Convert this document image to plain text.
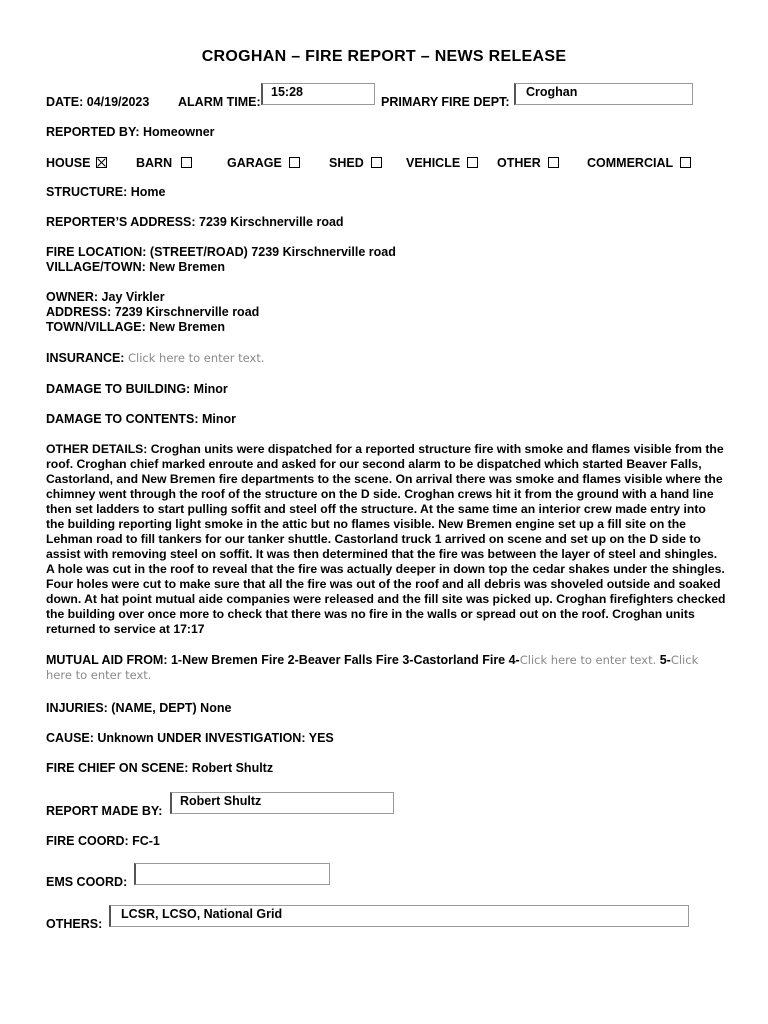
CROGHAN – FIRE REPORT – NEWS RELEASE
DATE: 04/19/2023 ALARM TIME:
15:28
PRIMARY FIRE DEPT:
Croghan
REPORTED BY: Homeowner
HOUSE	BARN	GARAGE	SHED	VEHICLE	OTHER	COMMERCIAL
STRUCTURE: Home
REPORTER’S ADDRESS: 7239 Kirschnerville road
FIRE LOCATION: (STREET/ROAD) 7239 Kirschnerville road
VILLAGE/TOWN: New Bremen
OWNER: Jay Virkler
ADDRESS: 7239 Kirschnerville road
TOWN/VILLAGE: New Bremen
INSURANCE: Click here to enter text.
DAMAGE TO BUILDING: Minor
DAMAGE TO CONTENTS: Minor
OTHER DETAILS: Croghan units were dispatched for a reported structure fire with smoke and flames visible from the roof. Croghan chief marked enroute and asked for our second alarm to be dispatched which started Beaver Falls, Castorland, and New Bremen fire departments to the scene. On arrival there was smoke and flames visible where the chimney went through the roof of the structure on the D side. Croghan crews hit it from the ground with a hand line then set ladders to start pulling soffit and steel off the structure. At the same time an interior crew made entry into the building reporting light smoke in the attic but no flames visible. New Bremen engine set up a fill site on the Lehman road to fill tankers for our tanker shuttle. Castorland truck 1 arrived on scene and set up on the D side to assist with removing steel on soffit. It was then determined that the fire was between the layer of steel and shingles. A hole was cut in the roof to reveal that the fire was actually deeper in down top the cedar shakes under the shingles. Four holes were cut to make sure that all the fire was out of the roof and all debris was shoveled outside and soaked down. At hat point mutual aide companies were released and the fill site was picked up. Croghan firefighters checked the building over once more to check that there was no fire in the walls or spread out on the roof. Croghan units returned to service at 17:17
MUTUAL AID FROM: 1-New Bremen Fire 2-Beaver Falls Fire 3-Castorland Fire 4-Click here to enter text. 5-Click
here to enter text.
INJURIES: (NAME, DEPT) None
CAUSE: Unknown UNDER INVESTIGATION: YES
FIRE CHIEF ON SCENE: Robert Shultz
REPORT MADE BY:
Robert Shultz
FIRE COORD: FC-1
EMS COORD:
OTHERS:
LCSR, LCSO, National Grid
